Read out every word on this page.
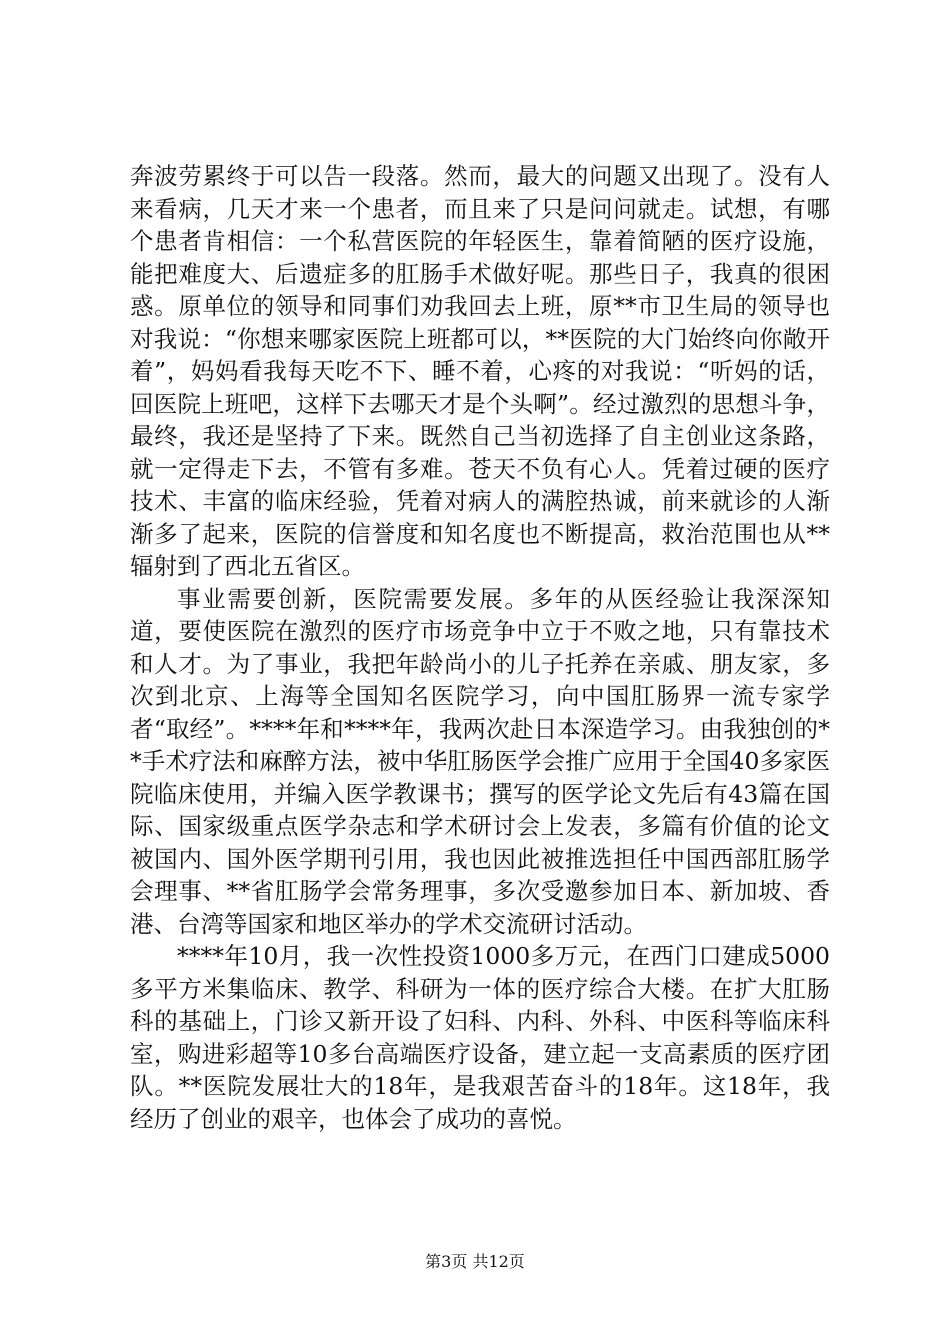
奔波劳累终于可以告一段落。然而，最大的问题又出现了。没有人来看病，几天才来一个患者，而且来了只是问问就走。试想，有哪个患者肯相信：一个私营医院的年轻医生，靠着简陋的医疗设施，能把难度大、后遗症多的肛肠手术做好呢。那些日子，我真的很困惑。原单位的领导和同事们劝我回去上班，原**市卫生局的领导也对我说：“你想来哪家医院上班都可以，**医院的大门始终向你敞开着”，妈妈看我每天吃不下、睡不着，心疼的对我说：“听妈的话，回医院上班吧，这样下去哪天才是个头啊”。经过激烈的思想斗争，最终，我还是坚持了下来。既然自己当初选择了自主创业这条路，就一定得走下去，不管有多难。苍天不负有心人。凭着过硬的医疗技术、丰富的临床经验，凭着对病人的满腔热诚，前来就诊的人渐渐多了起来，医院的信誉度和知名度也不断提高，救治范围也从**辐射到了西北五省区。

事业需要创新，医院需要发展。多年的从医经验让我深深知道，要使医院在激烈的医疗市场竞争中立于不败之地，只有靠技术和人才。为了事业，我把年龄尚小的儿子托养在亲戚、朋友家，多次到北京、上海等全国知名医院学习，向中国肛肠界一流专家学者“取经”。****年和****年，我两次赴日本深造学习。由我独创的**手术疗法和麻醉方法，被中华肛肠医学会推广应用于全国40多家医院临床使用，并编入医学教课书；撰写的医学论文先后有43篇在国际、国家级重点医学杂志和学术研讨会上发表，多篇有价值的论文被国内、国外医学期刊引用，我也因此被推选担任中国西部肛肠学会理事、**省肛肠学会常务理事，多次受邀参加日本、新加坡、香港、台湾等国家和地区举办的学术交流研讨活动。

****年10月，我一次性投资1000多万元，在西门口建成5000多平方米集临床、教学、科研为一体的医疗综合大楼。在扩大肛肠科的基础上，门诊又新开设了妇科、内科、外科、中医科等临床科室，购进彩超等10多台高端医疗设备，建立起一支高素质的医疗团队。**医院发展壮大的18年，是我艰苦奋斗的18年。这18年，我经历了创业的艰辛，也体会了成功的喜悦。

第3页 共12页
